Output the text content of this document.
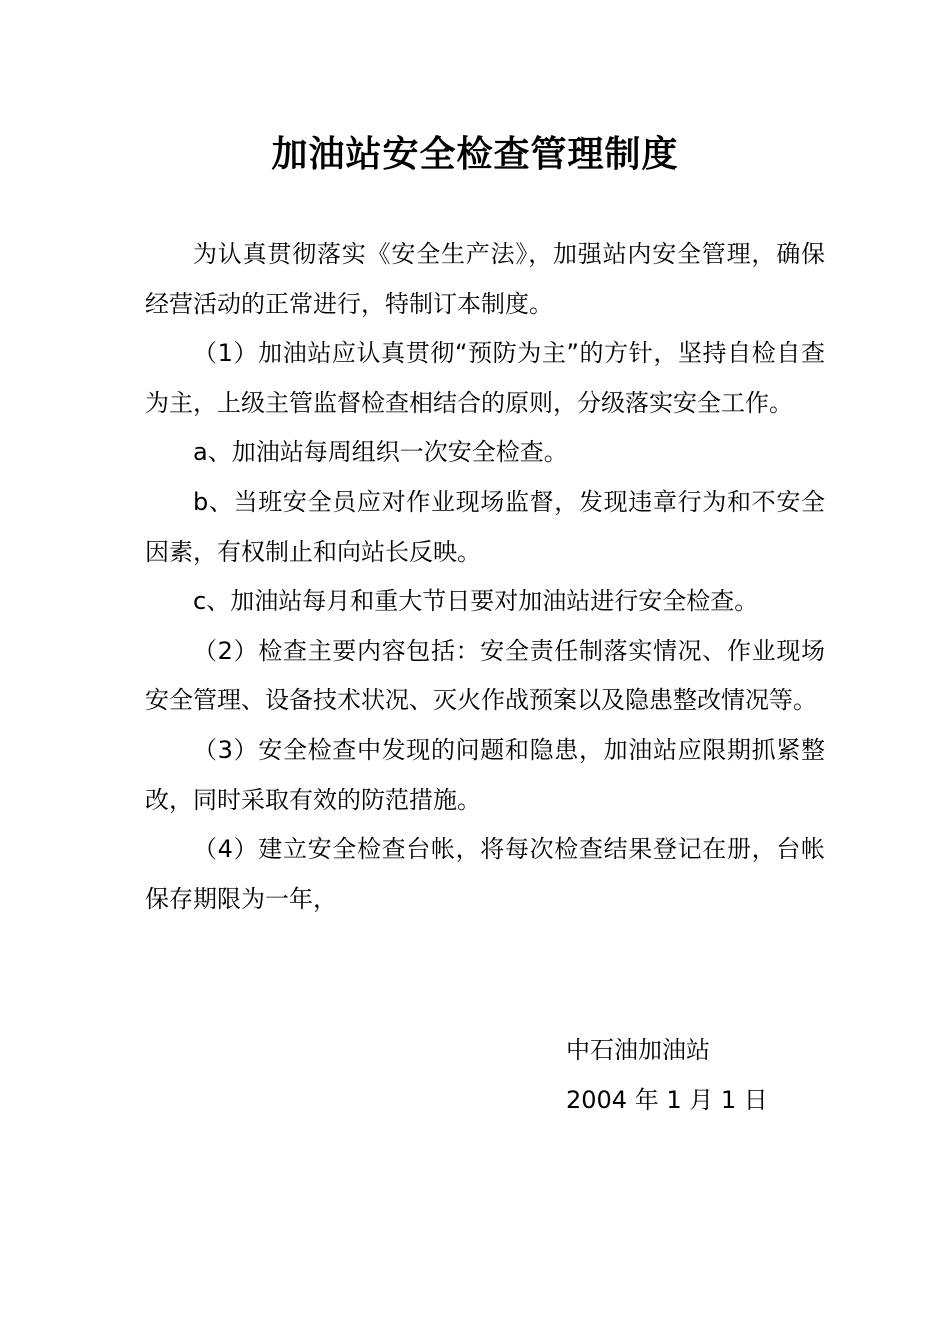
加油站安全检查管理制度

为认真贯彻落实《安全生产法》，加强站内安全管理，确保经营活动的正常进行，特制订本制度。

（1）加油站应认真贯彻“预防为主”的方针，坚持自检自查为主，上级主管监督检查相结合的原则，分级落实安全工作。

a、加油站每周组织一次安全检查。

b、当班安全员应对作业现场监督，发现违章行为和不安全因素，有权制止和向站长反映。

c、加油站每月和重大节日要对加油站进行安全检查。

（2）检查主要内容包括：安全责任制落实情况、作业现场安全管理、设备技术状况、灭火作战预案以及隐患整改情况等。

（3）安全检查中发现的问题和隐患，加油站应限期抓紧整改，同时采取有效的防范措施。

（4）建立安全检查台帐，将每次检查结果登记在册，台帐保存期限为一年，

中石油加油站
2004 年 1 月 1 日
